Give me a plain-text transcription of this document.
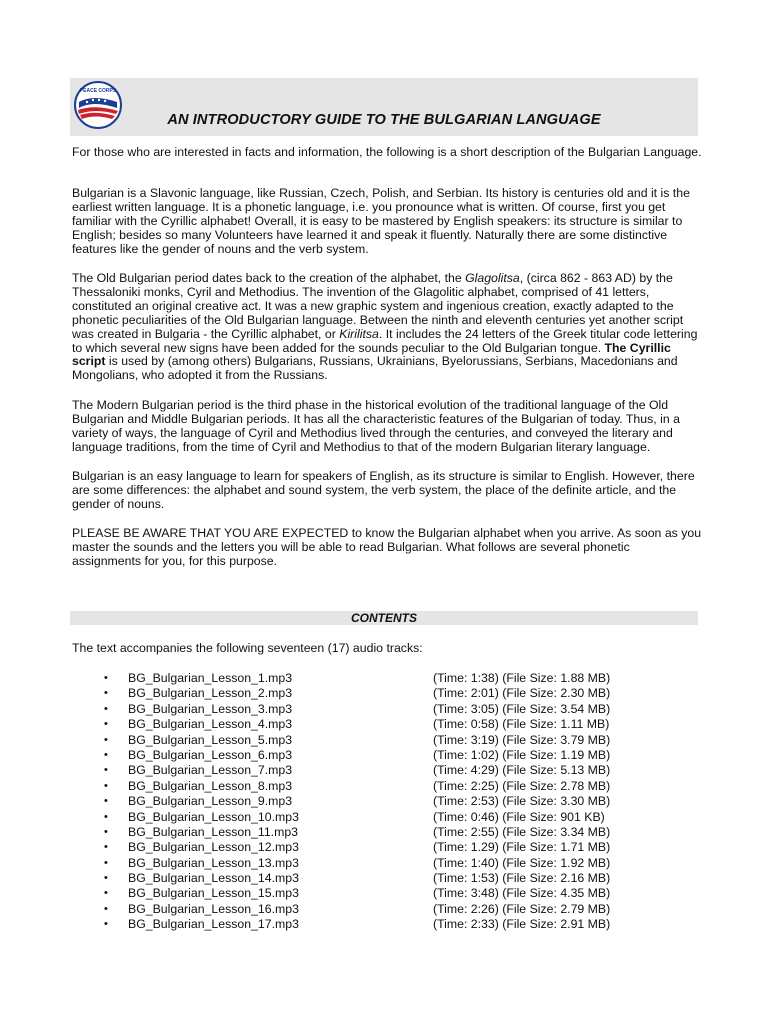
PEACE CORPS
AN INTRODUCTORY GUIDE TO THE BULGARIAN LANGUAGE

For those who are interested in facts and information, the following is a short description of the Bulgarian Language.

Bulgarian is a Slavonic language, like Russian, Czech, Polish, and Serbian. Its history is centuries old and it is the earliest written language. It is a phonetic language, i.e. you pronounce what is written. Of course, first you get familiar with the Cyrillic alphabet! Overall, it is easy to be mastered by English speakers: its structure is similar to English; besides so many Volunteers have learned it and speak it fluently. Naturally there are some distinctive features like the gender of nouns and the verb system.

The Old Bulgarian period dates back to the creation of the alphabet, the Glagolitsa, (circa 862 - 863 AD) by the Thessaloniki monks, Cyril and Methodius. The invention of the Glagolitic alphabet, comprised of 41 letters, constituted an original creative act. It was a new graphic system and ingenious creation, exactly adapted to the phonetic peculiarities of the Old Bulgarian language. Between the ninth and eleventh centuries yet another script was created in Bulgaria - the Cyrillic alphabet, or Kirilitsa. It includes the 24 letters of the Greek titular code lettering to which several new signs have been added for the sounds peculiar to the Old Bulgarian tongue. The Cyrillic script is used by (among others) Bulgarians, Russians, Ukrainians, Byelorussians, Serbians, Macedonians and Mongolians, who adopted it from the Russians.

The Modern Bulgarian period is the third phase in the historical evolution of the traditional language of the Old Bulgarian and Middle Bulgarian periods. It has all the characteristic features of the Bulgarian of today. Thus, in a variety of ways, the language of Cyril and Methodius lived through the centuries, and conveyed the literary and language traditions, from the time of Cyril and Methodius to that of the modern Bulgarian literary language.

Bulgarian is an easy language to learn for speakers of English, as its structure is similar to English. However, there are some differences: the alphabet and sound system, the verb system, the place of the definite article, and the gender of nouns.

PLEASE BE AWARE THAT YOU ARE EXPECTED to know the Bulgarian alphabet when you arrive. As soon as you master the sounds and the letters you will be able to read Bulgarian. What follows are several phonetic assignments for you, for this purpose.

CONTENTS

The text accompanies the following seventeen (17) audio tracks:

• BG_Bulgarian_Lesson_1.mp3	(Time: 1:38) (File Size: 1.88 MB)
• BG_Bulgarian_Lesson_2.mp3	(Time: 2:01) (File Size: 2.30 MB)
• BG_Bulgarian_Lesson_3.mp3	(Time: 3:05) (File Size: 3.54 MB)
• BG_Bulgarian_Lesson_4.mp3	(Time: 0:58) (File Size: 1.11 MB)
• BG_Bulgarian_Lesson_5.mp3	(Time: 3:19) (File Size: 3.79 MB)
• BG_Bulgarian_Lesson_6.mp3	(Time: 1:02) (File Size: 1.19 MB)
• BG_Bulgarian_Lesson_7.mp3	(Time: 4:29) (File Size: 5.13 MB)
• BG_Bulgarian_Lesson_8.mp3	(Time: 2:25) (File Size: 2.78 MB)
• BG_Bulgarian_Lesson_9.mp3	(Time: 2:53) (File Size: 3.30 MB)
• BG_Bulgarian_Lesson_10.mp3	(Time: 0:46) (File Size: 901 KB)
• BG_Bulgarian_Lesson_11.mp3	(Time: 2:55) (File Size: 3.34 MB)
• BG_Bulgarian_Lesson_12.mp3	(Time: 1.29) (File Size: 1.71 MB)
• BG_Bulgarian_Lesson_13.mp3	(Time: 1:40) (File Size: 1.92 MB)
• BG_Bulgarian_Lesson_14.mp3	(Time: 1:53) (File Size: 2.16 MB)
• BG_Bulgarian_Lesson_15.mp3	(Time: 3:48) (File Size: 4.35 MB)
• BG_Bulgarian_Lesson_16.mp3	(Time: 2:26) (File Size: 2.79 MB)
• BG_Bulgarian_Lesson_17.mp3	(Time: 2:33) (File Size: 2.91 MB)
